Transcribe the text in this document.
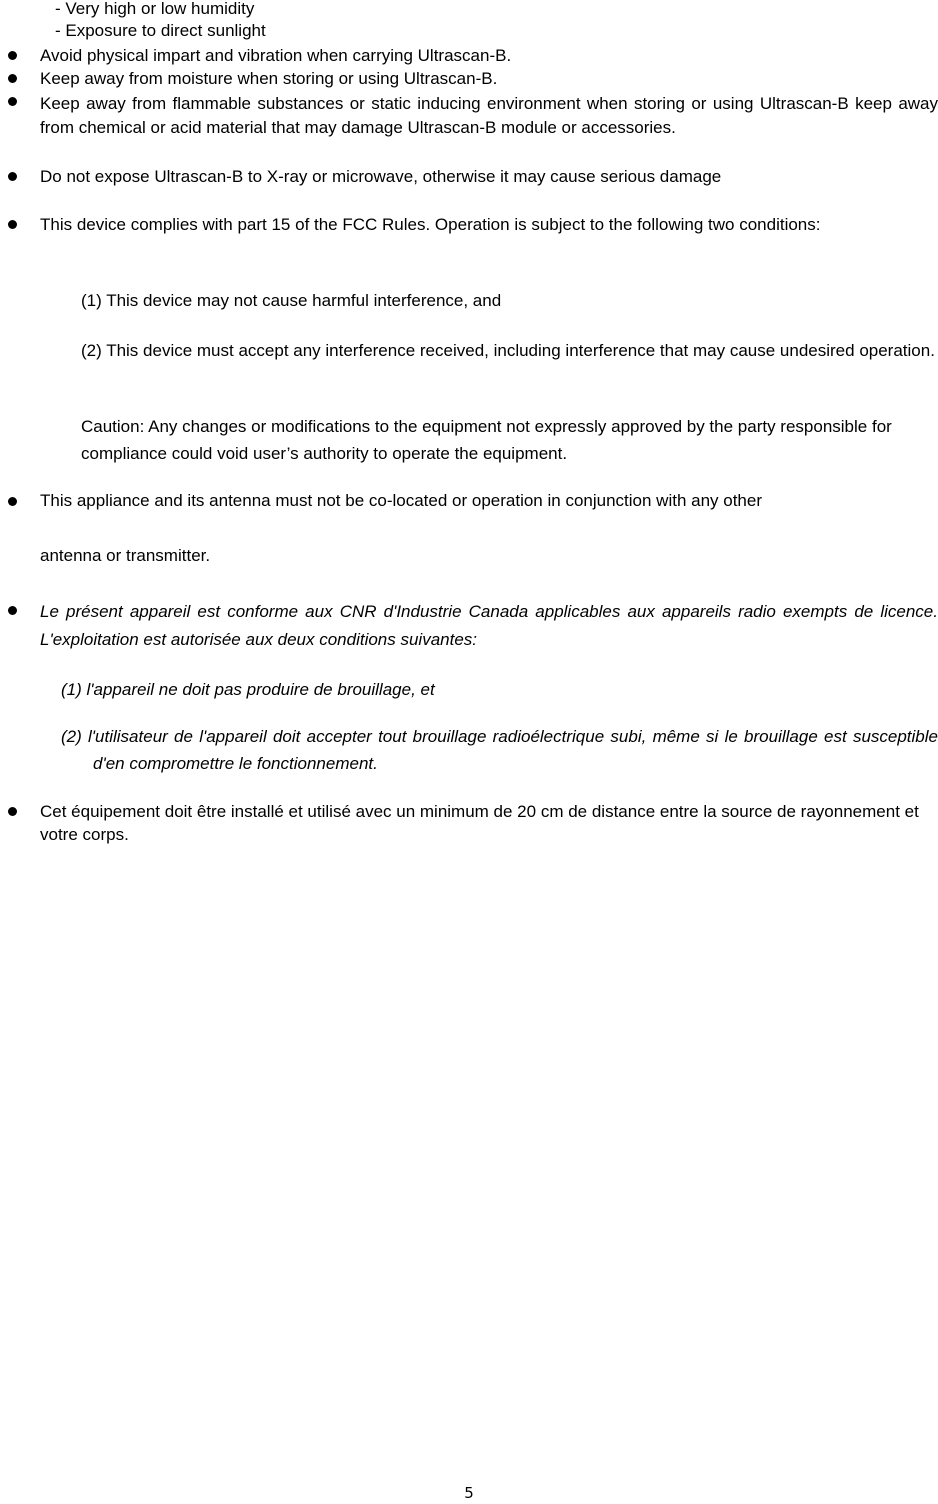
- Very high or low humidity
- Exposure to direct sunlight
Avoid physical impart and vibration when carrying Ultrascan-B.
Keep away from moisture when storing or using Ultrascan-B.
Keep away from flammable substances or static inducing environment when storing or using Ultrascan-B keep away from chemical or acid material that may damage Ultrascan-B module or accessories.
Do not expose Ultrascan-B to X-ray or microwave, otherwise it may cause serious damage
This device complies with part 15 of the FCC Rules. Operation is subject to the following two conditions:
(1) This device may not cause harmful interference, and
(2) This device must accept any interference received, including interference that may cause undesired operation.
Caution: Any changes or modifications to the equipment not expressly approved by the party responsible for compliance could void user’s authority to operate the equipment.
This appliance and its antenna must not be co-located or operation in conjunction with any other
antenna or transmitter.
Le présent appareil est conforme aux CNR d'Industrie Canada applicables aux appareils radio exempts de licence. L'exploitation est autorisée aux deux conditions suivantes:
(1) l'appareil ne doit pas produire de brouillage, et
(2) l'utilisateur de l'appareil doit accepter tout brouillage radioélectrique subi, même si le brouillage est susceptible d'en compromettre le fonctionnement.
Cet équipement doit être installé et utilisé avec un minimum de 20 cm de distance entre la source de rayonnement et votre corps.
5
